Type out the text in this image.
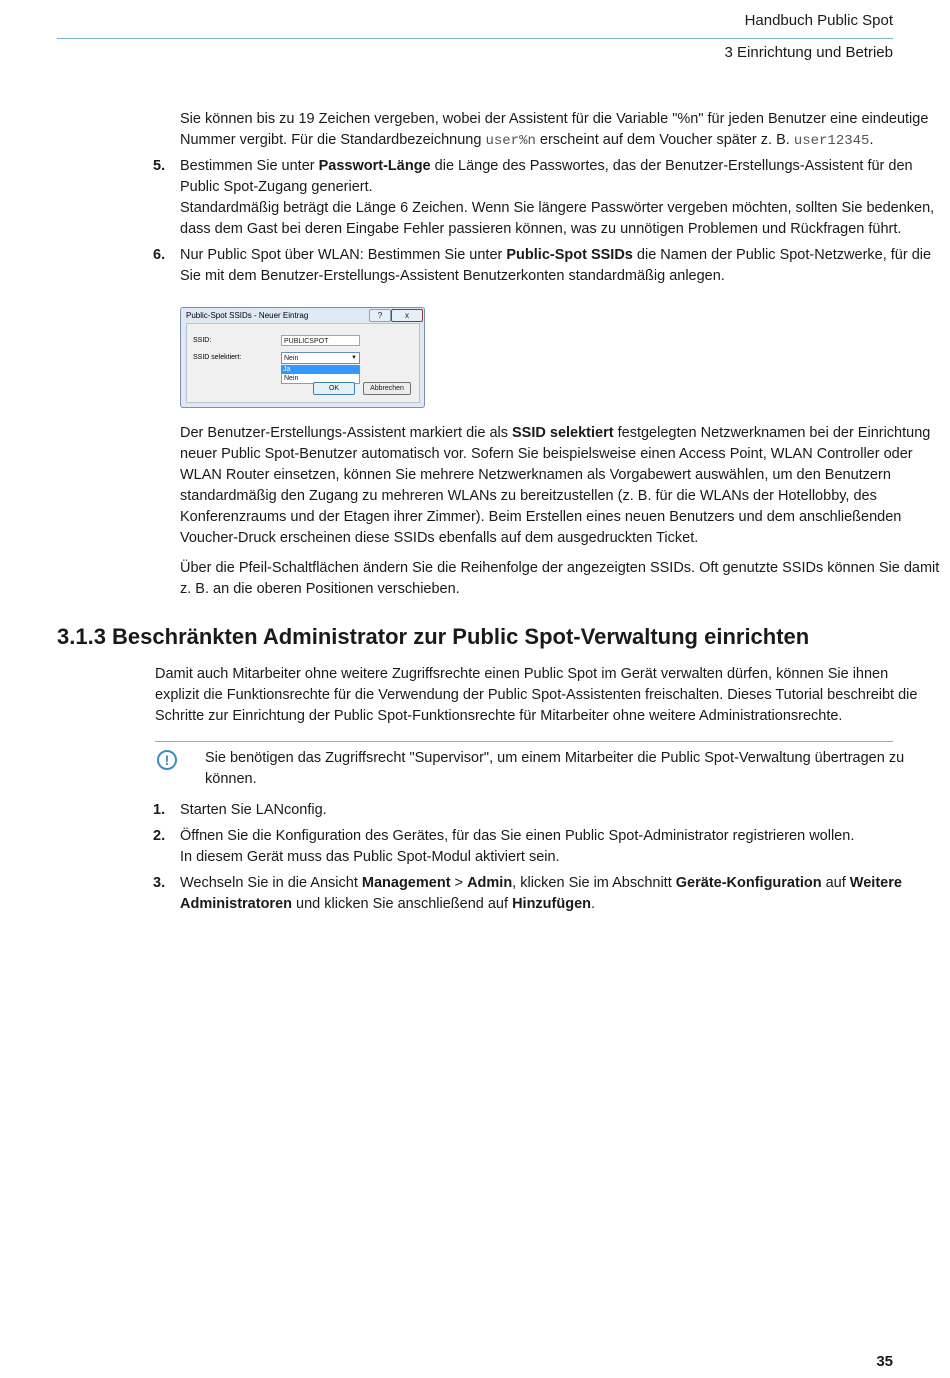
Handbuch Public Spot
3 Einrichtung und Betrieb
Sie können bis zu 19 Zeichen vergeben, wobei der Assistent für die Variable "%n" für jeden Benutzer eine eindeutige
Nummer vergibt. Für die Standardbezeichnung user%n erscheint auf dem Voucher später z. B. user12345.
5. Bestimmen Sie unter Passwort-Länge die Länge des Passwortes, das der Benutzer-Erstellungs-Assistent für den
Public Spot-Zugang generiert.
Standardmäßig beträgt die Länge 6 Zeichen. Wenn Sie längere Passwörter vergeben möchten, sollten Sie bedenken,
dass dem Gast bei deren Eingabe Fehler passieren können, was zu unnötigen Problemen und Rückfragen führt.
6. Nur Public Spot über WLAN: Bestimmen Sie unter Public-Spot SSIDs die Namen der Public Spot-Netzwerke, für die
Sie mit dem Benutzer-Erstellungs-Assistent Benutzerkonten standardmäßig anlegen.
Public-Spot SSIDs - Neuer Eintrag	?	x
SSID:	PUBLICSPOT
SSID selektiert:	Nein	▼
Ja
Nein
OK	Abbrechen
Der Benutzer-Erstellungs-Assistent markiert die als SSID selektiert festgelegten Netzwerknamen bei der Einrichtung
neuer Public Spot-Benutzer automatisch vor. Sofern Sie beispielsweise einen Access Point, WLAN Controller oder
WLAN Router einsetzen, können Sie mehrere Netzwerknamen als Vorgabewert auswählen, um den Benutzern
standardmäßig den Zugang zu mehreren WLANs zu bereitzustellen (z. B. für die WLANs der Hotellobby, des
Konferenzraums und der Etagen ihrer Zimmer). Beim Erstellen eines neuen Benutzers und dem anschließenden
Voucher-Druck erscheinen diese SSIDs ebenfalls auf dem ausgedruckten Ticket.
Über die Pfeil-Schaltflächen ändern Sie die Reihenfolge der angezeigten SSIDs. Oft genutzte SSIDs können Sie damit
z. B. an die oberen Positionen verschieben.
3.1.3 Beschränkten Administrator zur Public Spot-Verwaltung einrichten
Damit auch Mitarbeiter ohne weitere Zugriffsrechte einen Public Spot im Gerät verwalten dürfen, können Sie ihnen
explizit die Funktionsrechte für die Verwendung der Public Spot-Assistenten freischalten. Dieses Tutorial beschreibt die
Schritte zur Einrichtung der Public Spot-Funktionsrechte für Mitarbeiter ohne weitere Administrationsrechte.
!	Sie benötigen das Zugriffsrecht "Supervisor", um einem Mitarbeiter die Public Spot-Verwaltung übertragen zu
können.
1. Starten Sie LANconfig.
2. Öffnen Sie die Konfiguration des Gerätes, für das Sie einen Public Spot-Administrator registrieren wollen.
In diesem Gerät muss das Public Spot-Modul aktiviert sein.
3. Wechseln Sie in die Ansicht Management > Admin, klicken Sie im Abschnitt Geräte-Konfiguration auf Weitere
Administratoren und klicken Sie anschließend auf Hinzufügen.
35
